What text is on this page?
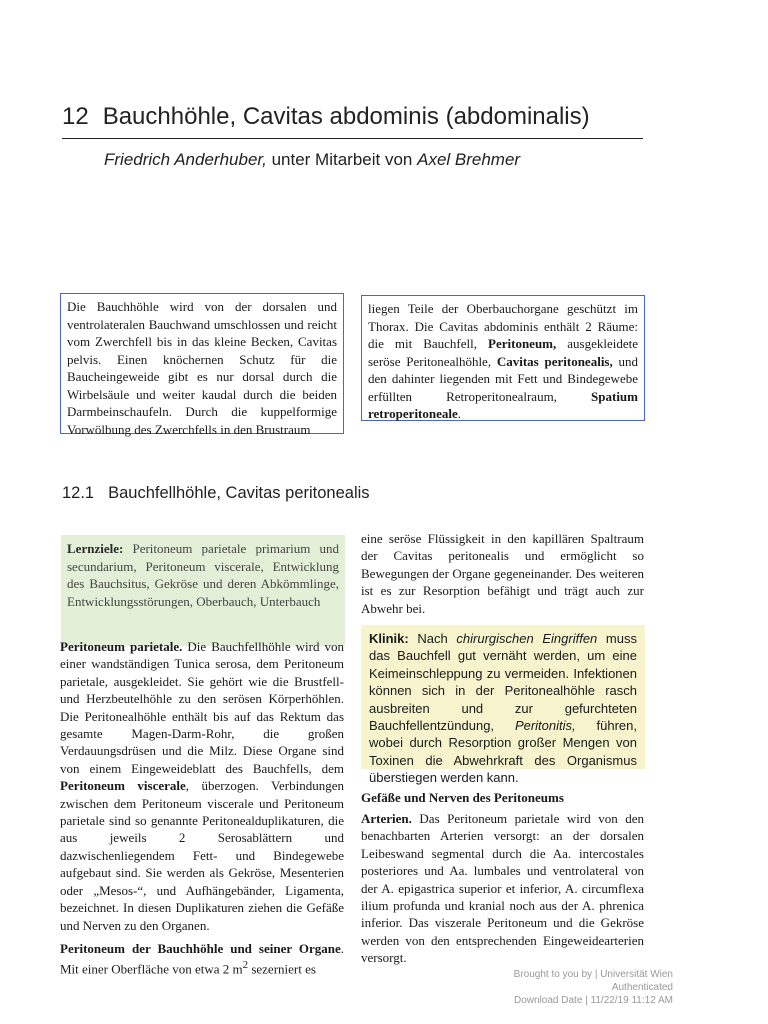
12 Bauchhöhle, Cavitas abdominis (abdominalis)
Friedrich Anderhuber, unter Mitarbeit von Axel Brehmer
Die Bauchhöhle wird von der dorsalen und ventrolateralen Bauchwand umschlossen und reicht vom Zwerchfell bis in das kleine Becken, Cavitas pelvis. Einen knöchernen Schutz für die Baucheingeweide gibt es nur dorsal durch die Wirbelsäule und weiter kaudal durch die beiden Darmbeinschaufeln. Durch die kuppelformige Vorwölbung des Zwerchfells in den Brustraum
liegen Teile der Oberbauchorgane geschützt im Thorax. Die Cavitas abdominis enthält 2 Räume: die mit Bauchfell, Peritoneum, ausgekleidete seröse Peritonealhöhle, Cavitas peritonealis, und den dahinter liegenden mit Fett und Bindegewebe erfüllten Retroperitonealraum, Spatium retroperitoneale.
12.1 Bauchfellhöhle, Cavitas peritonealis
Lernziele: Peritoneum parietale primarium und secundarium, Peritoneum viscerale, Entwicklung des Bauchsitus, Gekröse und deren Abkömmlinge, Entwicklungsstörungen, Oberbauch, Unterbauch

Peritoneum parietale. Die Bauchfellhöhle wird von einer wandständigen Tunica serosa, dem Peritoneum parietale, ausgekleidet. Sie gehört wie die Brustfell- und Herzbeutelhöhle zu den serösen Körperhöhlen. Die Peritonealhöhle enthält bis auf das Rektum das gesamte Magen-Darm-Rohr, die großen Verdauungsdrüsen und die Milz. Diese Organe sind von einem Eingeweideblatt des Bauchfells, dem Peritoneum viscerale, überzogen. Verbindungen zwischen dem Peritoneum viscerale und Peritoneum parietale sind so genannte Peritonealduplikaturen, die aus jeweils 2 Serosablättern und dazwischenliegendem Fett- und Bindegewebe aufgebaut sind. Sie werden als Gekröse, Mesenterien oder „Mesos-“, und Aufhängebänder, Ligamenta, bezeichnet. In diesen Duplikaturen ziehen die Gefäße und Nerven zu den Organen.

Peritoneum der Bauchhöhle und seiner Organe. Mit einer Oberfläche von etwa 2 $m^2$ sezerniert es

eine seröse Flüssigkeit in den kapillären Spaltraum der Cavitas peritonealis und ermöglicht so Bewegungen der Organe gegeneinander. Des weiteren ist es zur Resorption befähigt und trägt auch zur Abwehr bei.

Klinik: Nach chirurgischen Eingriffen muss das Bauchfell gut vernäht werden, um eine Keimeinschleppung zu vermeiden. Infektionen können sich in der Peritonealhöhle rasch ausbreiten und zur gefurchteten Bauchfellentzündung, Peritonitis, führen, wobei durch Resorption großer Mengen von Toxinen die Abwehrkraft des Organismus überstiegen werden kann.
Gefäße und Nerven des Peritoneums

Arterien. Das Peritoneum parietale wird von den benachbarten Arterien versorgt: an der dorsalen Leibeswand segmental durch die Aa. intercostales posteriores und Aa. lumbales und ventrolateral von der A. epigastrica superior et inferior, A. circumflexa ilium profunda und kranial noch aus der A. phrenica inferior. Das viszerale Peritoneum und die Gekröse werden von den entsprechenden Eingeweidearterien versorgt.

Brought to you by | Universität Wien
Authenticated
Download Date | 11/22/19 11:12 AM
